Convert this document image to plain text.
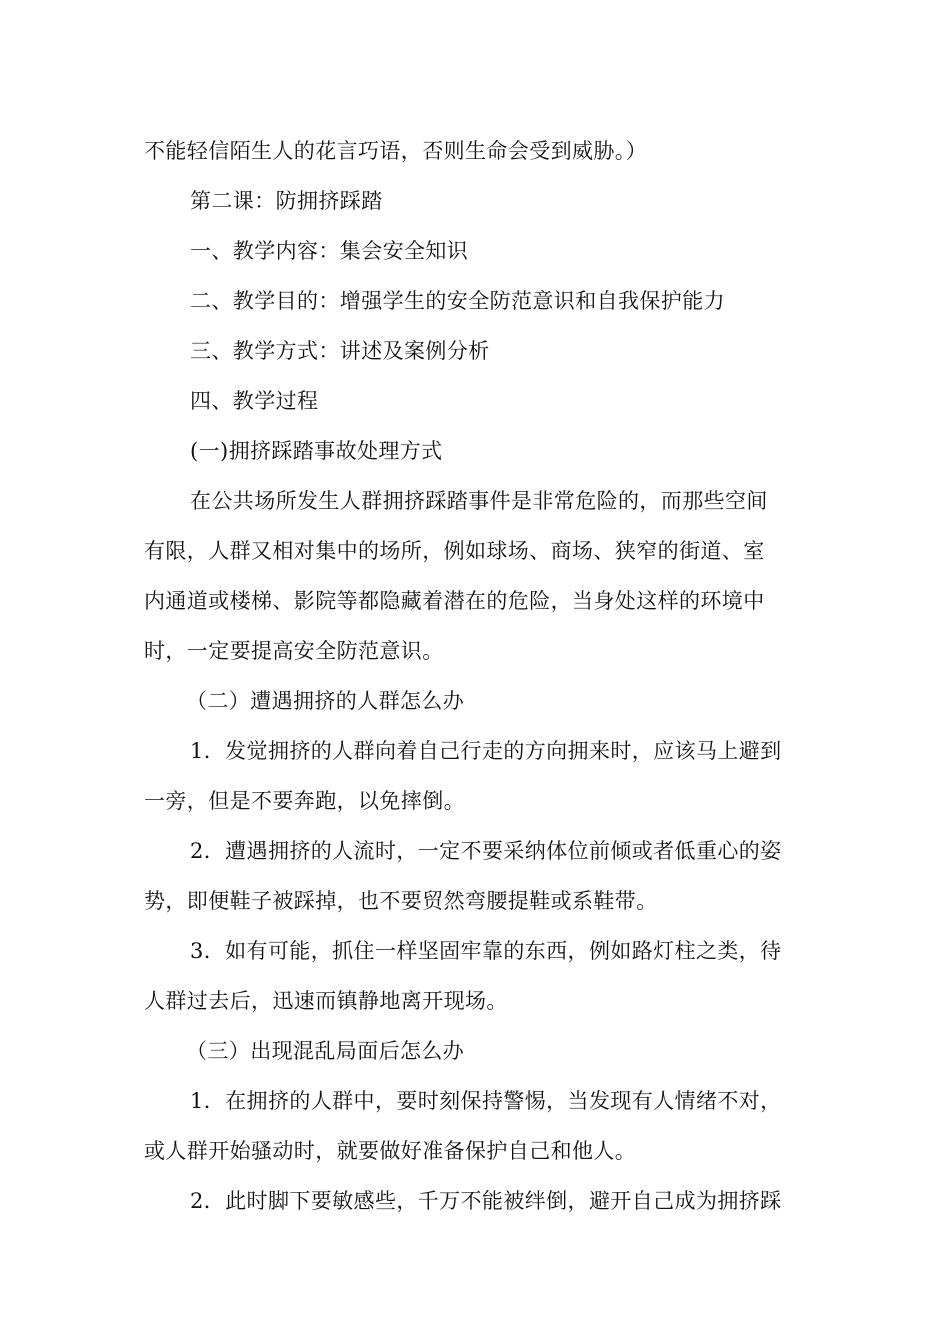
不能轻信陌生人的花言巧语，否则生命会受到威胁。）
第二课：防拥挤踩踏
一、教学内容：集会安全知识
二、教学目的：增强学生的安全防范意识和自我保护能力
三、教学方式：讲述及案例分析
四、教学过程
(一)拥挤踩踏事故处理方式
在公共场所发生人群拥挤踩踏事件是非常危险的，而那些空间
有限，人群又相对集中的场所，例如球场、商场、狭窄的街道、室
内通道或楼梯、影院等都隐藏着潜在的危险，当身处这样的环境中
时，一定要提高安全防范意识。
（二）遭遇拥挤的人群怎么办
1．发觉拥挤的人群向着自己行走的方向拥来时，应该马上避到
一旁，但是不要奔跑，以免摔倒。
2．遭遇拥挤的人流时，一定不要采纳体位前倾或者低重心的姿
势，即便鞋子被踩掉，也不要贸然弯腰提鞋或系鞋带。
3．如有可能，抓住一样坚固牢靠的东西，例如路灯柱之类，待
人群过去后，迅速而镇静地离开现场。
（三）出现混乱局面后怎么办
1．在拥挤的人群中，要时刻保持警惕，当发现有人情绪不对，
或人群开始骚动时，就要做好准备保护自己和他人。
2．此时脚下要敏感些，千万不能被绊倒，避开自己成为拥挤踩
